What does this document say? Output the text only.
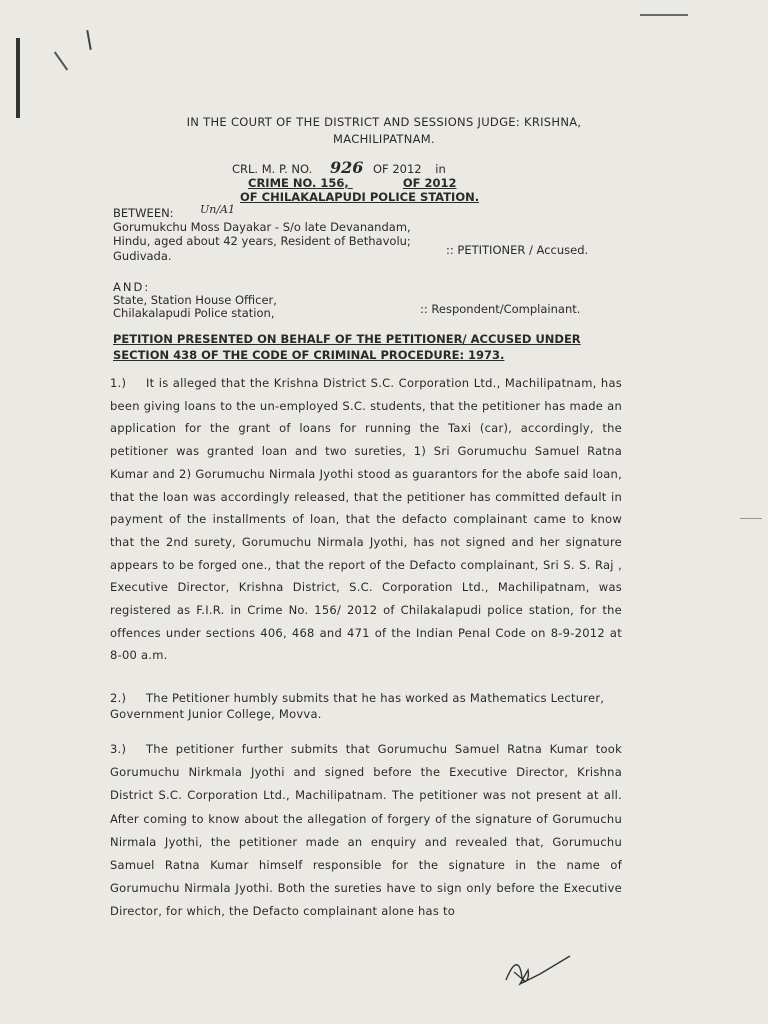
IN THE COURT OF THE DISTRICT AND SESSIONS JUDGE: KRISHNA,
MACHILIPATNAM.
CRL. M. P. NO. 926 OF 2012 in
CRIME NO. 156,	OF 2012
OF CHILAKALAPUDI POLICE STATION.
BETWEEN: Un/A1
Gorumukchu Moss Dayakar - S/o late Devanandam,
Hindu, aged about 42 years, Resident of Bethavolu;
Gudivada.	:: PETITIONER / Accused.
AND:
State, Station House Officer,
Chilakalapudi Police station,	:: Respondent/Complainant.
PETITION PRESENTED ON BEHALF OF THE PETITIONER/ ACCUSED UNDER
SECTION 438 OF THE CODE OF CRIMINAL PROCEDURE: 1973.
1.) It is alleged that the Krishna District S.C. Corporation Ltd., Machilipatnam, has been giving loans to the un-employed S.C. students, that the petitioner has made an application for the grant of loans for running the Taxi (car), accordingly, the petitioner was granted loan and two sureties, 1) Sri Gorumuchu Samuel Ratna Kumar and 2) Gorumuchu Nirmala Jyothi stood as guarantors for the abofe said loan, that the loan was accordingly released, that the petitioner has committed default in payment of the installments of loan, that the defacto complainant came to know that the 2nd surety, Gorumuchu Nirmala Jyothi, has not signed and her signature appears to be forged one., that the report of the Defacto complainant, Sri S. S. Raj , Executive Director, Krishna District, S.C. Corporation Ltd., Machilipatnam, was registered as F.I.R. in Crime No. 156/ 2012 of Chilakalapudi police station, for the offences under sections 406, 468 and 471 of the Indian Penal Code on 8-9-2012 at 8-00 a.m.
2.) The Petitioner humbly submits that he has worked as Mathematics Lecturer, Government Junior College, Movva.
3.) The petitioner further submits that Gorumuchu Samuel Ratna Kumar took Gorumuchu Nirkmala Jyothi and signed before the Executive Director, Krishna District S.C. Corporation Ltd., Machilipatnam. The petitioner was not present at all. After coming to know about the allegation of forgery of the signature of Gorumuchu Nirmala Jyothi, the petitioner made an enquiry and revealed that, Gorumuchu Samuel Ratna Kumar himself responsible for the signature in the name of Gorumuchu Nirmala Jyothi. Both the sureties have to sign only before the Executive Director, for which, the Defacto complainant alone has to
